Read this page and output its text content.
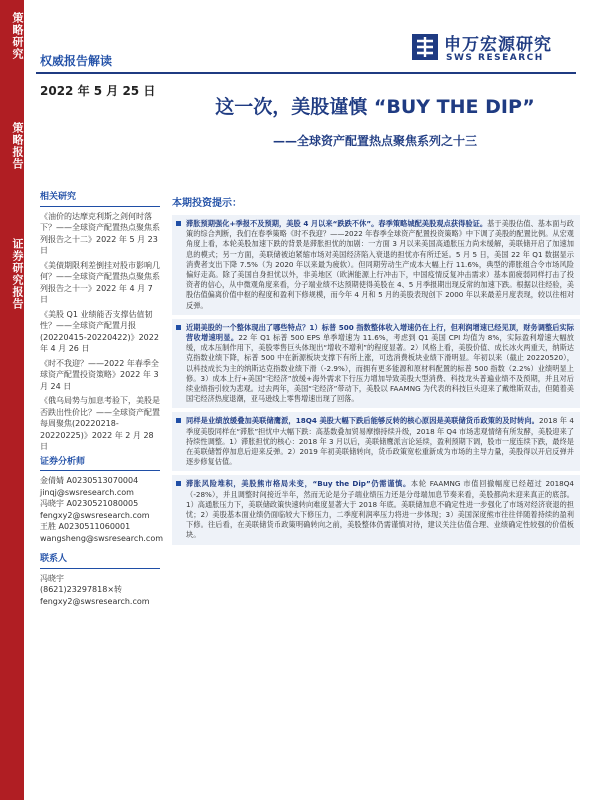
策略研究
策略报告
证券研究报告
申万宏源研究
SWS RESEARCH
权威报告解读
2022 年 5 月 25 日
这一次，美股谨慎 “BUY THE DIP”
——全球资产配置热点聚焦系列之十三
相关研究
《油价的达摩克利斯之剑何时落下？——全球资产配置热点聚焦系列报告之十二》2022 年 5 月 23 日
《美债期限利差倒挂对股市影响几何？——全球资产配置热点聚焦系列报告之十一》2022 年 4 月 7 日
《美股 Q1 业绩能否支撑估值韧性？——全球资产配置月报(20220415-20220422)》2022 年 4 月 26 日
《时不我迎？——2022 年春季全球资产配置投资策略》2022 年 3 月 24 日
《俄乌局势与加息考验下，美股是否跌出性价比？——全球资产配置每周聚焦(20220218-20220225)》2022 年 2 月 28 日
证券分析师
金倩婧 A0230513070004
jinqj@swsresearch.com
冯晓宇 A0230521080005
fengxy2@swsresearch.com
王胜 A0230511060001
wangsheng@swsresearch.com
联系人
冯晓宇
(8621)23297818×转
fengxy2@swsresearch.com
本期投资提示：
滞胀预期强化+季报不及预期，美股 4 月以来“跌跌不休”。春季策略城配美股观点获得验证。基于美股估值、基本面与政策的综合判断，我们在春季策略《时不我迎？——2022 年春季全球资产配置投资策略》中下调了美股的配置比例。从宏观角度上看，本轮美股加速下跌的背景是滞胀担忧的加剧：一方面 3 月以来美国高通胀压力尚未缓解，美联储开启了加速加息的模式；另一方面，美联储被迫紧缩市场对美国经济陷入衰退的担忧亦有所迁延。5 月 5 日，美国 22 年 Q1 数据显示消费者支出下降 7.5%（为 2020 年以来最为疲软）。但同期劳动生产成本大幅上行 11.6%，典型的滞胀组合令市场风险偏好走高。除了美国自身担忧以外，非美地区（欧洲能源上行冲击下，中国疫情反复冲击需求）基本面疲弱同样打击了投资者的信心，从中微观角度来看，分子端业绩不达预期使得美股在 4、5 月季报期出现反常的加速下跌。根据以往经验，美股估值偏离价值中枢的程度和盈利下修规模，而今年 4 月和 5 月的美股表现创下 2000 年以来最差月度表现，较以往相对反弹。
近期美股的一个整体现出了哪些特点？1）标普 500 指数整体收入增速仍在上行，但利润增速已经见顶，财务调整后实际营收增速明显。22 年 Q1 标普 500 EPS 单季增速为 11.6%，考虑到 Q1 美国 CPI 均值为 8%，实际盈利增速大幅放缓，成本压制作用下，美股零售巨头体现出“增收不增利”的程度显著。2）风格上看，美股价值、成长冰火两重天，纳斯达克指数业绩下降，标普 500 中在新源板块支撑下有所上涨，可选消费板块业绩下滑明显。年初以来（截止 20220520），以科技成长为主的纳斯达克指数业绩下滑（-2.9%），而拥有更多能源和原材料配置的标普 500 指数（2.2%）业绩明显上修。3）成本上行+美国“宅经济”放缓+海外需求下行压力增加导致美股大型消费、科技龙头普遍业绩不及预期，并且对后续业绩指引较为悲观。过去两年，美国“宅经济”带动下，美股以 FAAMNG 为代表的科技巨头迎来了戴维斯双击，但随着美国宅经济热度退潮，亚马逊线上零售增速出现了回落。
同样是业绩放缓叠加美联储鹰派，18Q4 美股大幅下跌后能够反转的核心原因是美联储货币政策的及时转向。2018 年 4 季度美股同样在“滞胀”担忧中大幅下跌：高基数叠加贸易摩擦持续升级，2018 年 Q4 市场悲观情绪有所发酵，美股迎来了持续性调整。1）滞胀担忧的核心：2018 年 3 月以后，美联储鹰派言论延续，盈利预期下调，股市一度连续下跌，最终是在美联储暂停加息后迎来反弹。2）2019 年初美联储转向，货币政策宽松重新成为市场的主导力量，美股得以开启反弹并逐步修复估值。
滞胀风险堆积，美股熊市格局未变，“Buy the Dip”仍需谨慎。本轮 FAAMNG 市值回撤幅度已经超过 2018Q4（-28%），并且调整时间接近半年，然而无论是分子端业绩压力还是分母端加息节奏来看，美股都尚未迎来真正的底部。1）高通胀压力下，美联储政策快速转向难度显著大于 2018 年底。美联储加息不确定性进一步强化了市场对经济衰退的担忧；2）美股基本面业绩仍面临较大下修压力，二季度利润率压力将进一步体现；3）美国深度熊市往往伴随着持续的盈利下修。往后看，在美联储货币政策明确转向之前，美股整体仍需谨慎对待，建议关注估值合理、业绩确定性较强的价值板块。
